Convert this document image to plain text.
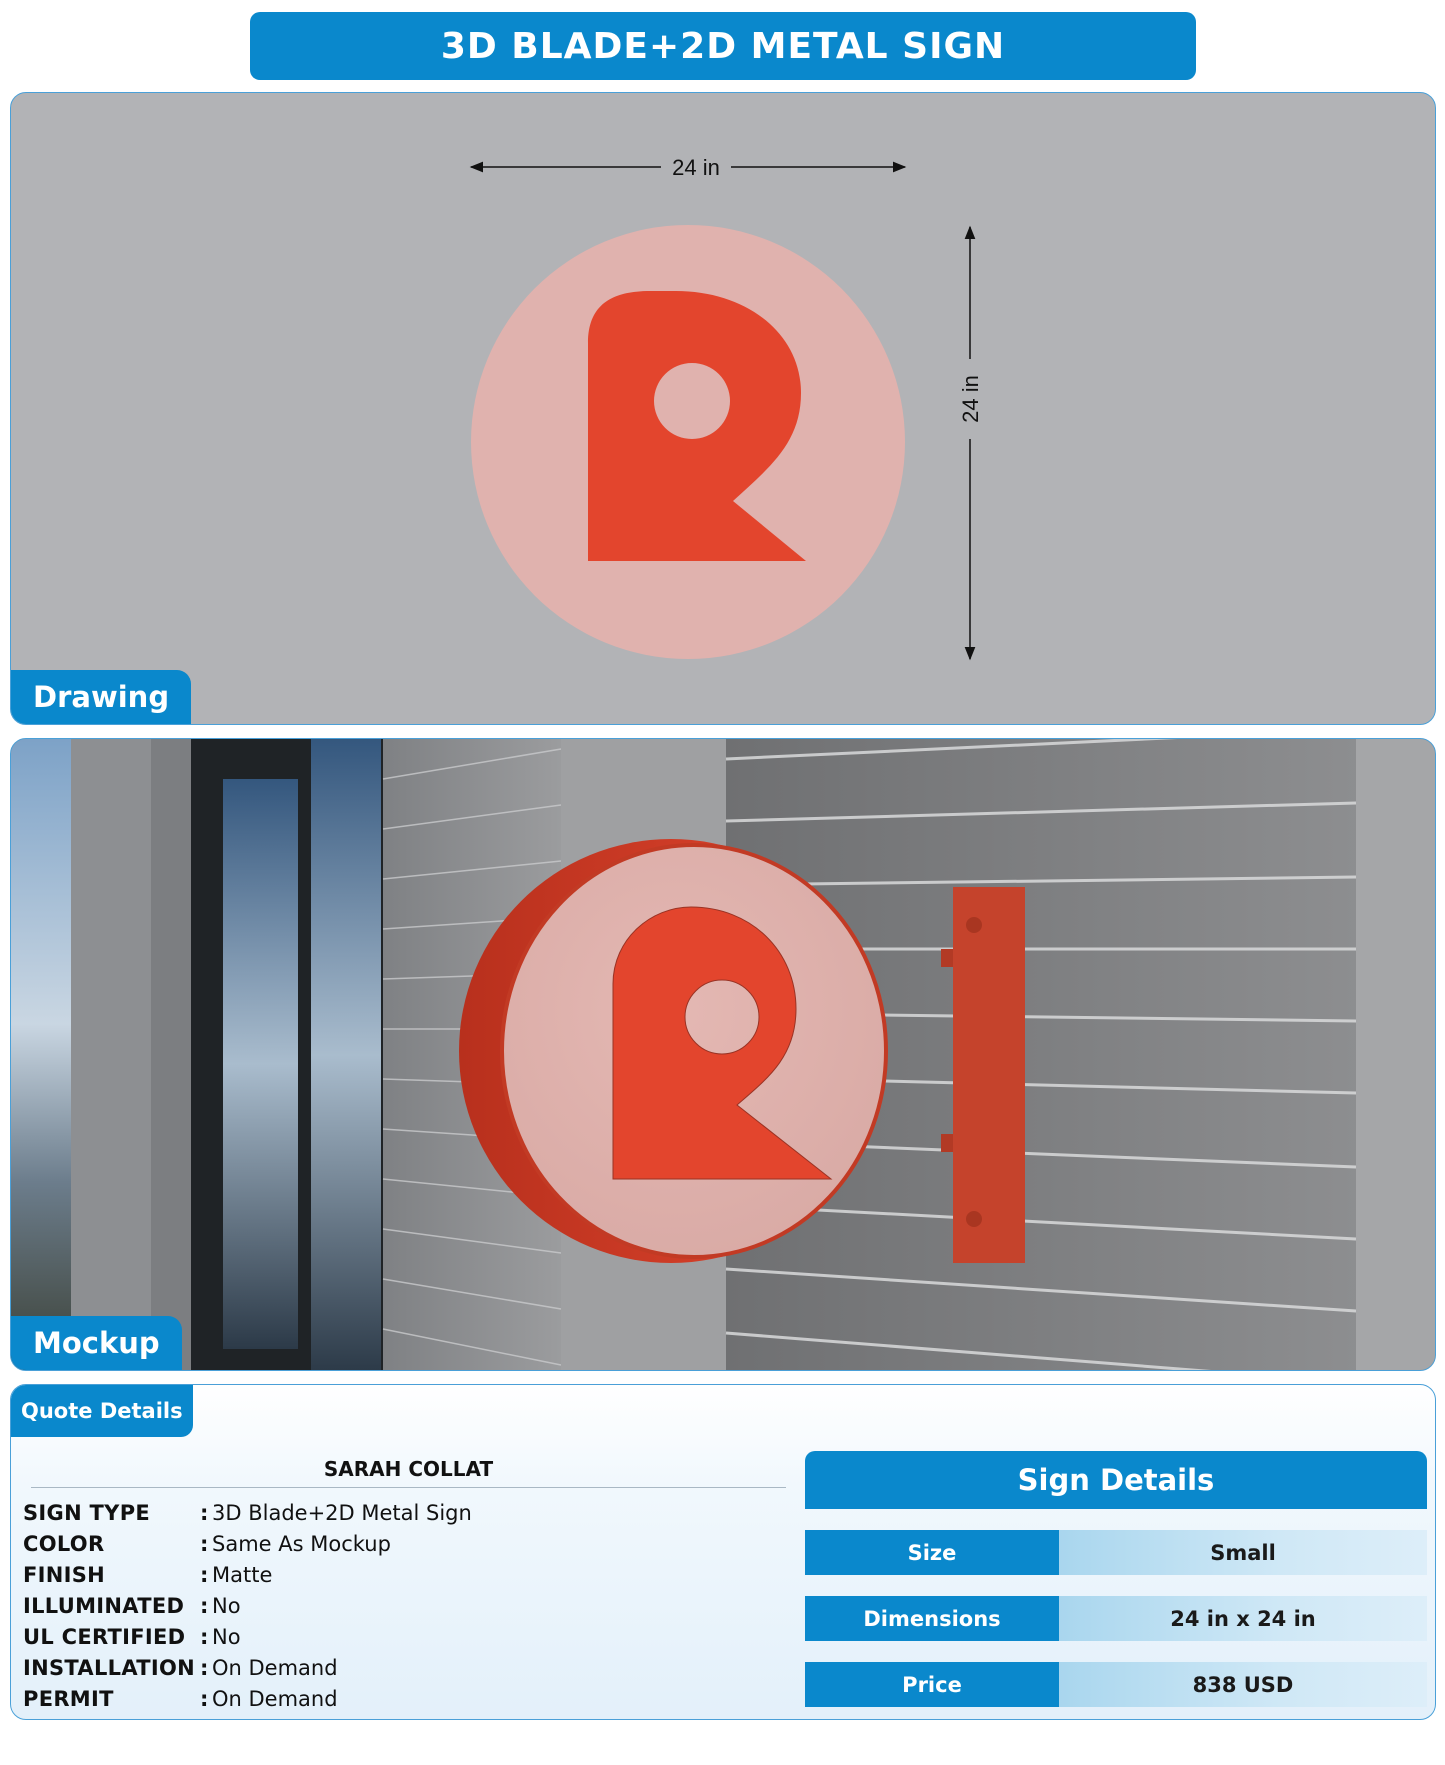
3D BLADE+2D METAL SIGN
24 in
24 in
Drawing
Mockup
Quote Details
SARAH COLLAT
SIGN TYPE	: 3D Blade+2D Metal Sign
COLOR	: Same As Mockup
FINISH	: Matte
ILLUMINATED : No
UL CERTIFIED : No
INSTALLATION : On Demand
PERMIT	: On Demand
Sign Details
Size	Small
Dimensions	24 in x 24 in
Price	838 USD
